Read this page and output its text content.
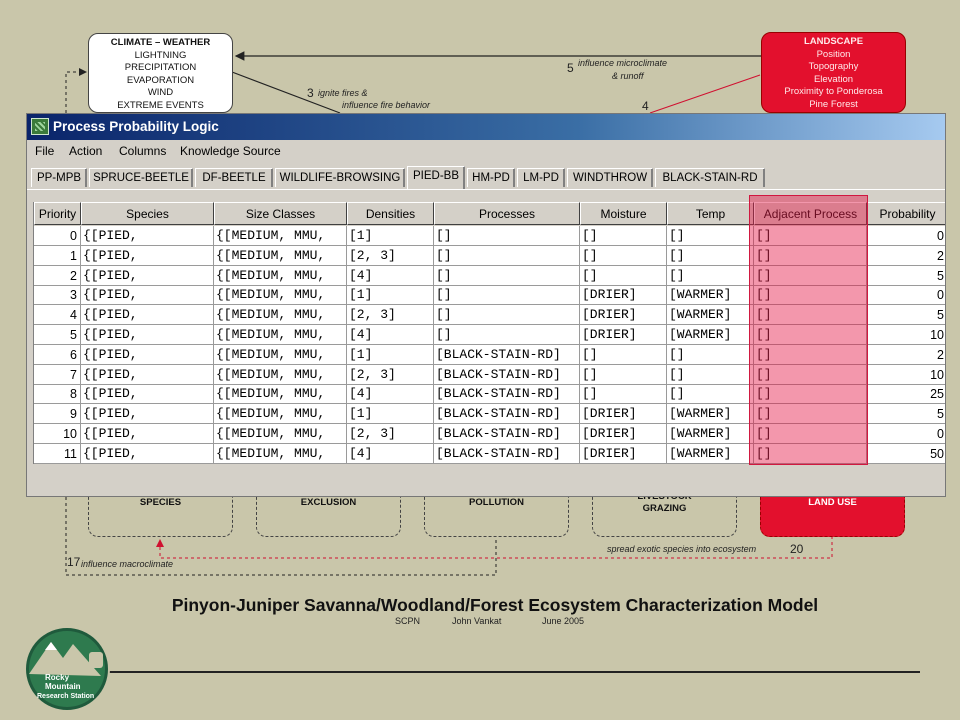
CLIMATE – WEATHER
LIGHTNING
PRECIPITATION
EVAPORATION
WIND
EXTREME EVENTS
LANDSCAPE
Position
Topography
Elevation
Proximity to Ponderosa
Pine Forest
3 ignite fires &
influence fire behavior	4
5 influence microclimate
& runoff
SPECIES	EXCLUSION	POLLUTION
GRAZING
LAND USE
spread exotic species into ecosystem	20
17 influence macroclimate
Pinyon-Juniper Savanna/Woodland/Forest Ecosystem Characterization Model
SCPN	John Vankat	June 2005
Rocky
Mountain
Research Station
Process Probability Logic
File Action Columns Knowledge Source
PP-MPB	SPRUCE-BEETLE	DF-BEETLE	WILDLIFE-BROWSING	PIED-BB	HM-PD	LM-PD	WINDTHROW	BLACK-STAIN-RD
Priority	Species	Size Classes	Densities	Processes	Moisture	Temp	Adjacent Process	Probability
0 {[PIED,	{[MEDIUM, MMU,	[1]	[]	[]	[]	[]	0
1 {[PIED,	{[MEDIUM, MMU,	[2, 3]	[]	[]	[]	[]	2
2 {[PIED,	{[MEDIUM, MMU,	[4]	[]	[]	[]	[]	5
3 {[PIED,	{[MEDIUM, MMU,	[1]	[]	[DRIER]	[WARMER]	[]	0
4 {[PIED,	{[MEDIUM, MMU,	[2, 3]	[]	[DRIER]	[WARMER]	[]	5
5 {[PIED,	{[MEDIUM, MMU,	[4]	[]	[DRIER]	[WARMER]	[]	10
6 {[PIED,	{[MEDIUM, MMU,	[1]	[BLACK-STAIN-RD]	[]	[]	[]	2
7 {[PIED,	{[MEDIUM, MMU,	[2, 3]	[BLACK-STAIN-RD]	[]	[]	[]	10
8 {[PIED,	{[MEDIUM, MMU,	[4]	[BLACK-STAIN-RD]	[]	[]	[]	25
9 {[PIED,	{[MEDIUM, MMU,	[1]	[BLACK-STAIN-RD]	[DRIER]	[WARMER]	[]	5
10 {[PIED,	{[MEDIUM, MMU,	[2, 3]	[BLACK-STAIN-RD]	[DRIER]	[WARMER]	[]	0
11 {[PIED,	{[MEDIUM, MMU,	[4]	[BLACK-STAIN-RD]	[DRIER]	[WARMER]	[]	50
